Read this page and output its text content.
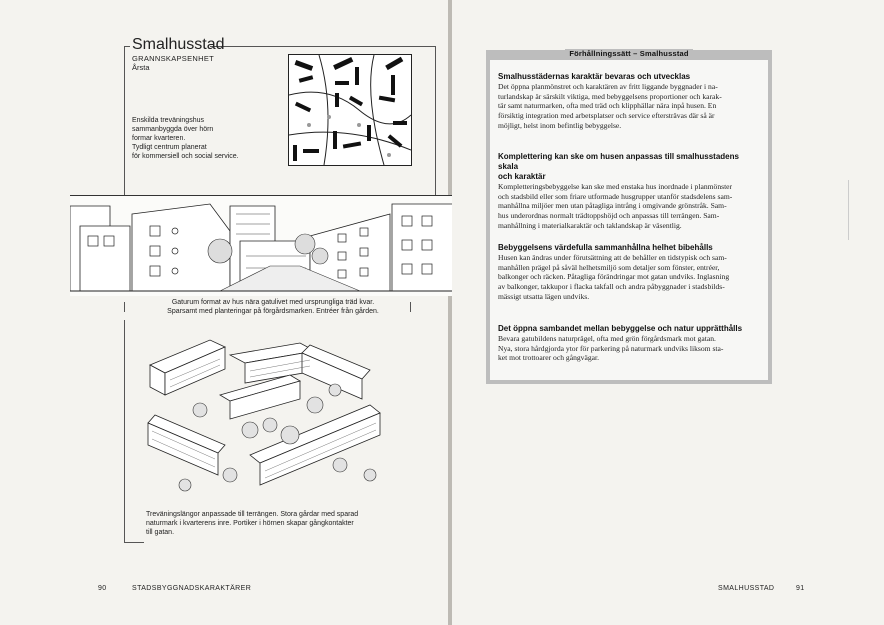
Smalhusstad
GRANNSKAPSENHET
Årsta
Enskilda treväningshus
sammanbyggda över hörn
formar kvarteren.
Tydligt centrum planerat
för kommersiell och social service.
Gaturum format av hus nära gatulivet med ursprungliga träd kvar.
Sparsamt med planteringar på förgårdsmarken. Entréer från gården.
Treväningslängor anpassade till terrängen. Stora gårdar med sparad
naturmark i kvarterens inre. Portiker i hörnen skapar gångkontakter
till gatan.
90	STADSBYGGNADSKARAKTÄRER
Smalhusstädernas karaktär bevaras och utvecklas

Det öppna planmönstret och karaktären av fritt liggande byggnader i na-
turlandskap är särskilt viktiga, med bebyggelsens proportioner och karak-
tär samt naturmarken, ofta med träd och klipphällar nära inpå husen. En
försiktig integration med arbetsplatser och service eftersträvas där så är
möjligt, helst inom befintlig bebyggelse.

Komplettering kan ske om husen anpassas till smalhusstadens skala
och karaktär

Kompletteringsbebyggelse kan ske med enstaka hus inordnade i planmönster
och stadsbild eller som friare utformade husgrupper utanför stadsdelens sam-
manhållna miljöer men utan påtagliga intrång i omgivande grönstråk. Sam-
hus underordnas normalt trädtoppshöjd och anpassas till terrängen. Sam-
manhållning i materialkaraktär och taklandskap är väsentlig.

Bebyggelsens värdefulla sammanhållna helhet bibehålls

Husen kan ändras under förutsättning att de behåller en tidstypisk och sam-
manhållen prägel på såväl helhetsmiljö som detaljer som fönster, entréer,
balkonger och räcken. Påtagliga förändringar mot gatan undviks. Inglasning
av balkonger, takkupor i flacka takfall och andra påbyggnader i stadsbilds-
mässigt utsatta lägen undviks.

Det öppna sambandet mellan bebyggelse och natur upprätthålls

Bevara gatubildens naturprägel, ofta med grön förgårdsmark mot gatan.
Nya, stora hårdgjorda ytor för parkering på naturmark undviks liksom sta-
ket mot trottoarer och gångvägar.

Förhållningssätt – Smalhusstad
SMALHUSSTAD	91
